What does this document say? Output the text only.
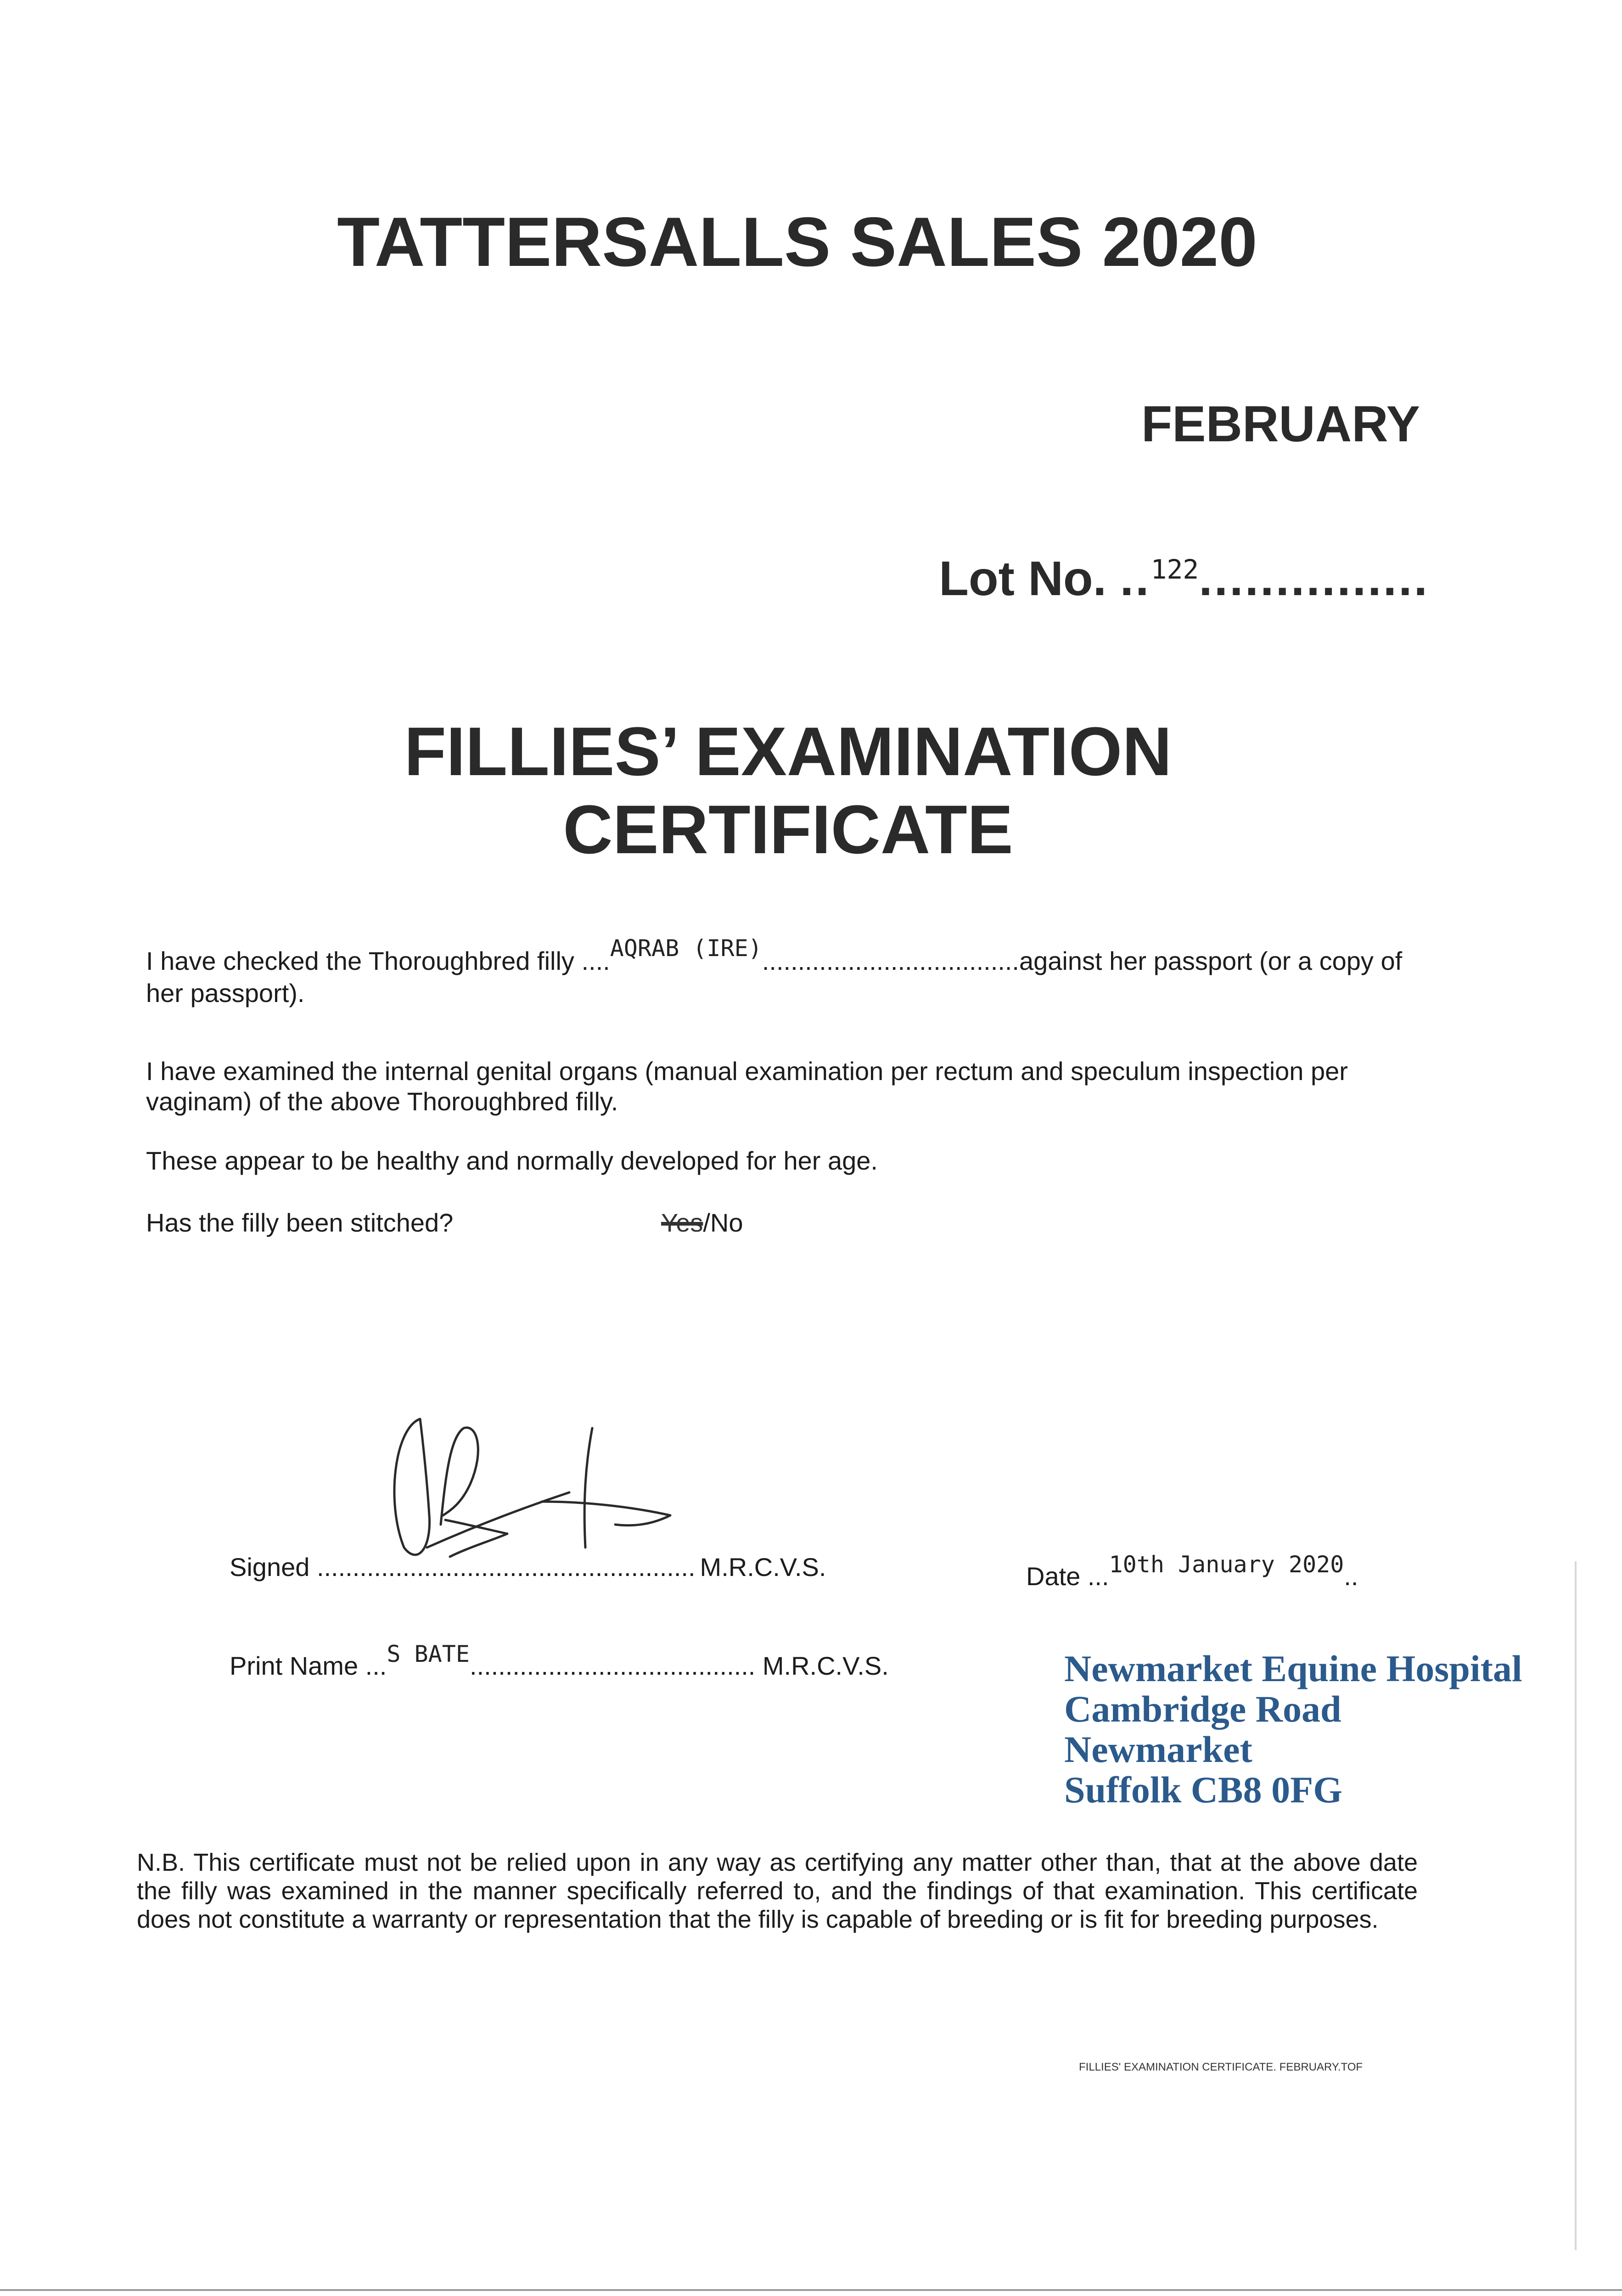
TATTERSALLS SALES 2020
FEBRUARY
Lot No. ..$^{122}$...............
FILLIES’ EXAMINATION
CERTIFICATE
I have checked the Thoroughbred filly ....AQRAB (IRE)....................................against her passport (or a copy of
her passport).
I have examined the internal genital organs (manual examination per rectum and speculum inspection per vaginam) of the above Thoroughbred filly.
These appear to be healthy and normally developed for her age.
Has the filly been stitched?	Yes/No
Signed ..................................................... M.R.C.V.S.	Date ...10th January 2020..
Print Name ...S BATE........................................ M.R.C.V.S.	Newmarket Equine Hospital
Cambridge Road
Newmarket
Suffolk CB8 0FG
N.B. This certificate must not be relied upon in any way as certifying any matter other than, that at the above date the filly was examined in the manner specifically referred to, and the findings of that examination. This certificate does not constitute a warranty or representation that the filly is capable of breeding or is fit for breeding purposes.
FILLIES' EXAMINATION CERTIFICATE. FEBRUARY.TOF
